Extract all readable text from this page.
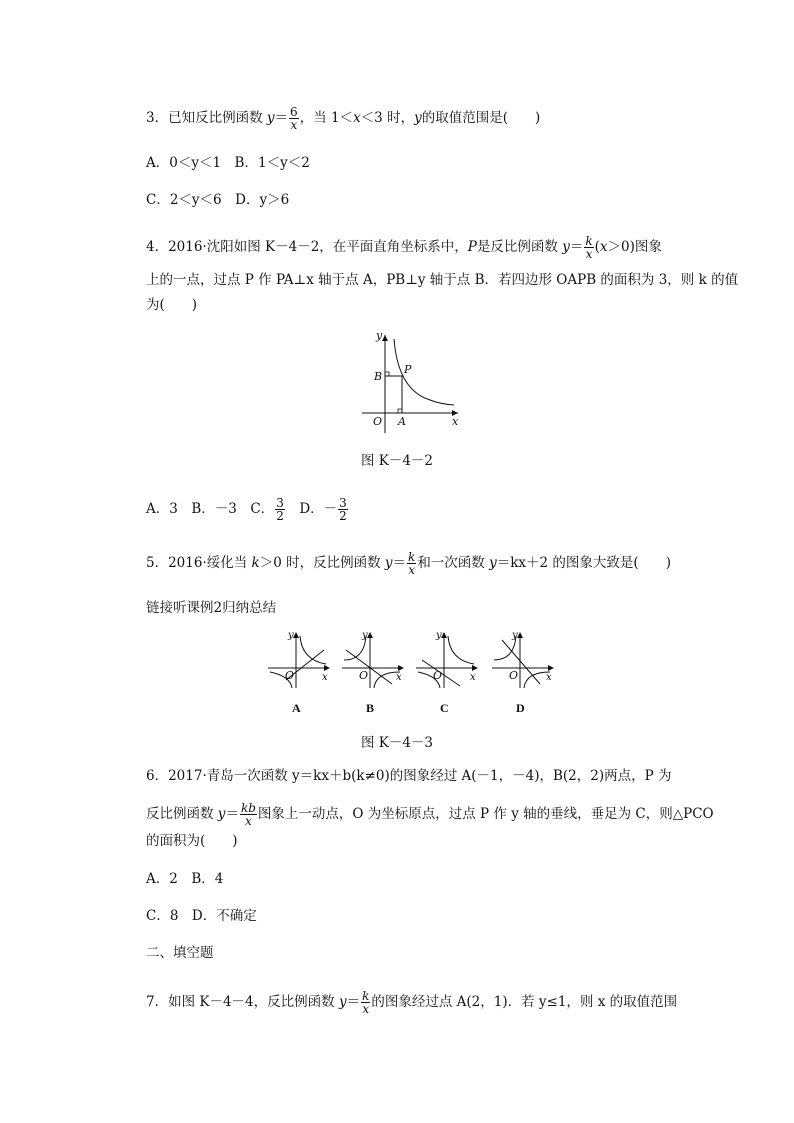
3．已知反比例函数 $y= \frac{6}{x}$ ，当 1＜x＜3 时，y的取值范围是(　　)
A．0＜y＜1　B．1＜y＜2
C．2＜y＜6　D．y＞6
4．2016·沈阳如图 K－4－2，在平面直角坐标系中，P是反比例函数 $y= \frac{k}{x} (x>0)$图象
上的一点，过点 P 作 PA⊥x 轴于点 A，PB⊥y 轴于点 B．若四边形 OAPB 的面积为 3，则 k 的值
为(　　)
y
x
O A
B
P
图 K－4－2
A．3　B．－3　C． $\frac{3}{2}$ 　D．－ $\frac{3}{2}$
5．2016·绥化当 k＞0 时，反比例函数 $y= \frac{k}{x}$ 和一次函数 y＝kx＋2 的图象大致是(　　)
链接听课例2归纳总结
y
x
O
A
y
x
O
B
y
x
O
C
y
x
O
D
图 K－4－3
6．2017·青岛一次函数 y＝kx＋b(k≠0)的图象经过 A(－1，－4)，B(2，2)两点，P 为
反比例函数 $y= \frac{kb}{x}$ 图象上一动点，O 为坐标原点，过点 P 作 y 轴的垂线，垂足为 C，则△PCO
的面积为(　　)
A．2　B．4
C．8　D．不确定
二、填空题
7．如图 K－4－4，反比例函数 $y= \frac{k}{x}$ 的图象经过点 A(2，1)．若 y≤1，则 x 的取值范围
